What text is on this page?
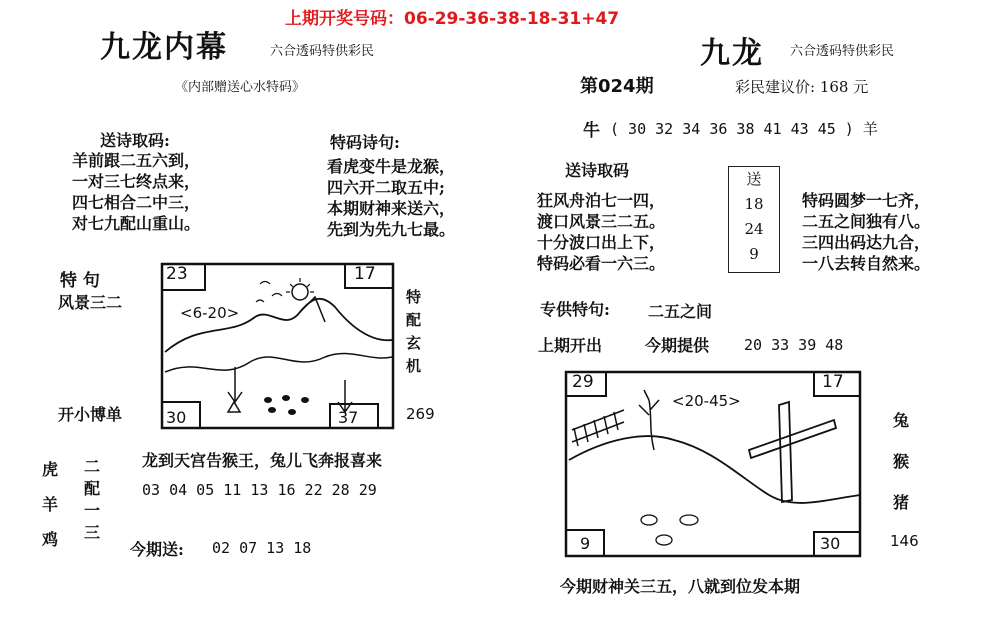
上期开奖号码：06-29-36-38-18-31+47
九龙内幕	六合透码特供彩民
《内部赠送心水特码》
送诗取码:
羊前跟二五六到，
一对三七终点来，
四七相合二中三，
对七九配山重山。
特码诗句:
看虎变牛是龙猴，
四六开二取五中;
本期财神来送六，
先到为先九七最。
特 句
风景三二
开小博单
23	17
30	37
<6-20>
特
配
玄
机
269
虎
羊
鸡
二
配
一
三
龙到天宫告猴王，兔儿飞奔报喜来
03 04 05 11 13 16 22 28 29
今期送: 02 07 13 18
九龙 六合透码特供彩民
第024期	彩民建议价: 168 元
牛 ( 30 32 34 36 38 41 43 45 ) 羊
送诗取码
狂风舟泊七一四，
渡口风景三二五。
十分波口出上下，
特码必看一六三。
送
18
24
9
特码圆梦一七齐，
二五之间独有八。
三四出码达九合，
一八去转自然来。
专供特句: 二五之间
上期开出	今期提供 20 33 39 48
29	17
9	30
<20-45>
兔
猴
猪
146
今期财神关三五，八就到位发本期
